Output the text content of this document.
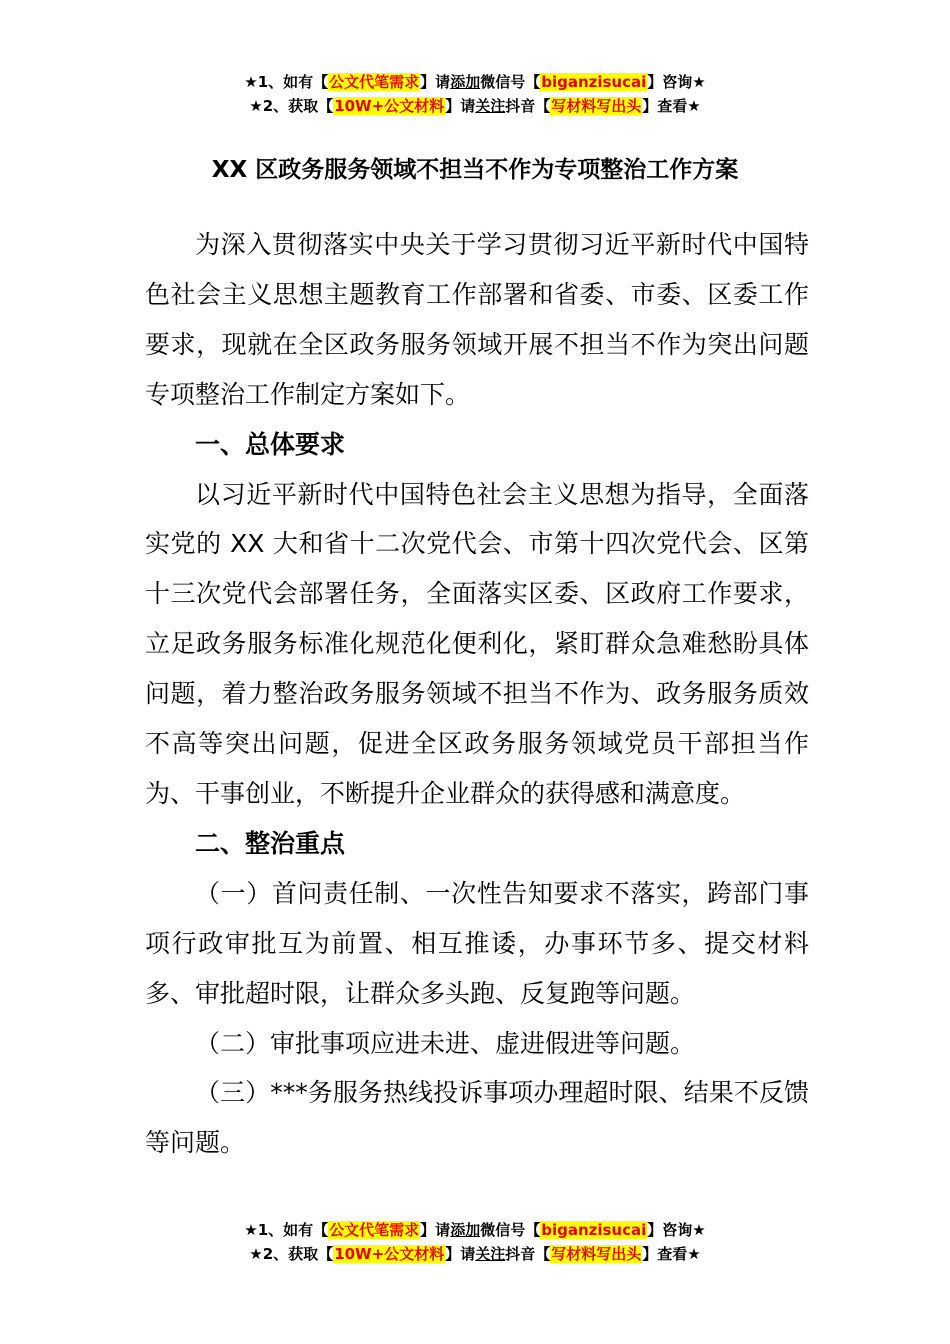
★1、如有【公文代笔需求】请添加微信号【biganzisucai】咨询★
★2、获取【10W+公文材料】请关注抖音【写材料写出头】查看★
XX 区政务服务领域不担当不作为专项整治工作方案

为深入贯彻落实中央关于学习贯彻习近平新时代中国特色社会主义思想主题教育工作部署和省委、市委、区委工作要求，现就在全区政务服务领域开展不担当不作为突出问题专项整治工作制定方案如下。

一、总体要求

以习近平新时代中国特色社会主义思想为指导，全面落实党的 XX 大和省十二次党代会、市第十四次党代会、区第十三次党代会部署任务，全面落实区委、区政府工作要求，立足政务服务标准化规范化便利化，紧盯群众急难愁盼具体问题，着力整治政务服务领域不担当不作为、政务服务质效不高等突出问题，促进全区政务服务领域党员干部担当作为、干事创业，不断提升企业群众的获得感和满意度。

二、整治重点

（一）首问责任制、一次性告知要求不落实，跨部门事项行政审批互为前置、相互推诿，办事环节多、提交材料多、审批超时限，让群众多头跑、反复跑等问题。

（二）审批事项应进未进、虚进假进等问题。

（三）***务服务热线投诉事项办理超时限、结果不反馈等问题。

★1、如有【公文代笔需求】请添加微信号【biganzisucai】咨询★
★2、获取【10W+公文材料】请关注抖音【写材料写出头】查看★
